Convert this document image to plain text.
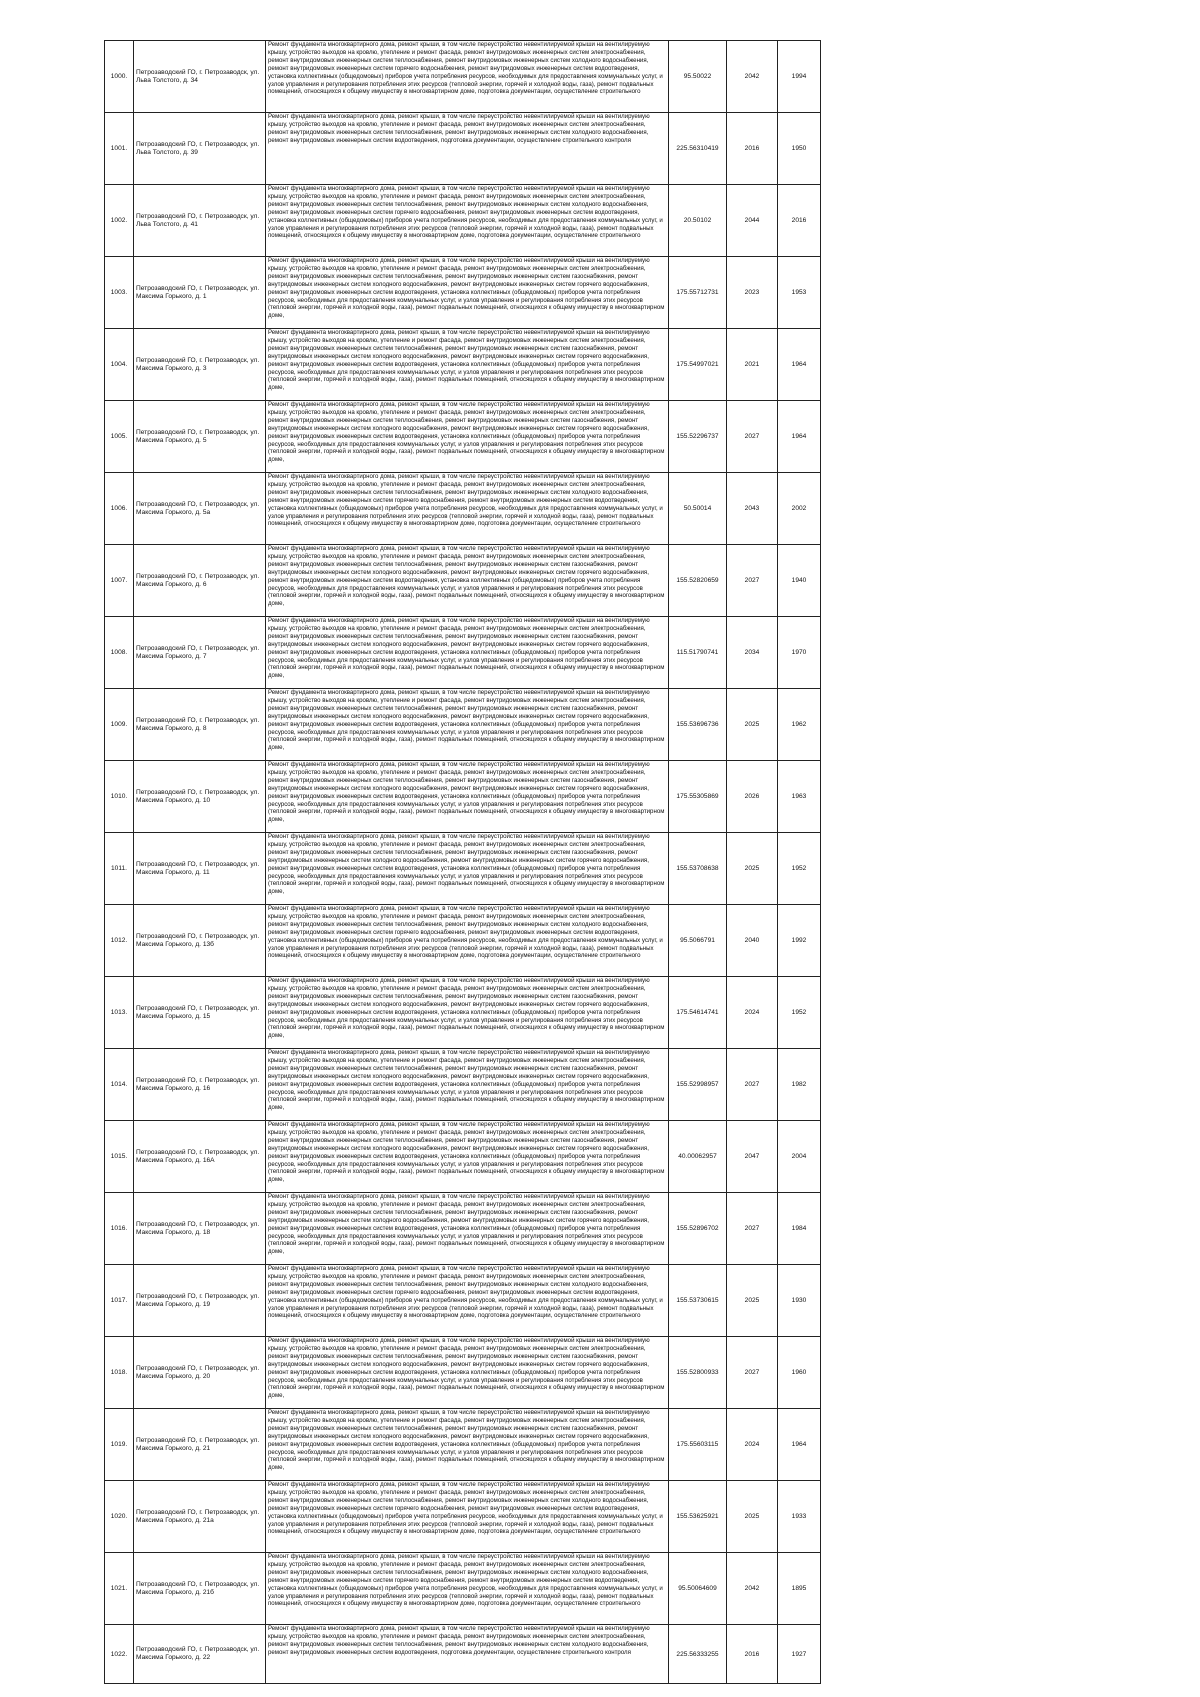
1000.	Петрозаводский ГО, г. Петрозаводск, ул. Льва Толстого, д. 34	Ремонт фундамента многоквартирного дома, ремонт крыши, в том числе переустройство невентилируемой крыши на вентилируемую крышу, устройство выходов на кровлю, утепление и ремонт фасада, ремонт внутридомовых инженерных систем электроснабжения, ремонт внутридомовых инженерных систем теплоснабжения, ремонт внутридомовых инженерных систем холодного водоснабжения, ремонт внутридомовых инженерных систем горячего водоснабжения, ремонт внутридомовых инженерных систем водоотведения, установка коллективных (общедомовых) приборов учета потребления ресурсов, необходимых для предоставления коммунальных услуг, и узлов управления и регулирования потребления этих ресурсов (тепловой энергии, горячей и холодной воды, газа), ремонт подвальных помещений, относящихся к общему имуществу в многоквартирном доме, подготовка документации, осуществление строительного	95.50022	2042	1994
1001.	Петрозаводский ГО, г. Петрозаводск, ул. Льва Толстого, д. 39	Ремонт фундамента многоквартирного дома, ремонт крыши, в том числе переустройство невентилируемой крыши на вентилируемую крышу, устройство выходов на кровлю, утепление и ремонт фасада, ремонт внутридомовых инженерных систем электроснабжения, ремонт внутридомовых инженерных систем теплоснабжения, ремонт внутридомовых инженерных систем холодного водоснабжения, ремонт внутридомовых инженерных систем водоотведения, подготовка документации, осуществление строительного контроля	225.56310419	2016	1950
1002.	Петрозаводский ГО, г. Петрозаводск, ул. Льва Толстого, д. 41	Ремонт фундамента многоквартирного дома, ремонт крыши, в том числе переустройство невентилируемой крыши на вентилируемую крышу, устройство выходов на кровлю, утепление и ремонт фасада, ремонт внутридомовых инженерных систем электроснабжения, ремонт внутридомовых инженерных систем теплоснабжения, ремонт внутридомовых инженерных систем холодного водоснабжения, ремонт внутридомовых инженерных систем горячего водоснабжения, ремонт внутридомовых инженерных систем водоотведения, установка коллективных (общедомовых) приборов учета потребления ресурсов, необходимых для предоставления коммунальных услуг, и узлов управления и регулирования потребления этих ресурсов (тепловой энергии, горячей и холодной воды, газа), ремонт подвальных помещений, относящихся к общему имуществу в многоквартирном доме, подготовка документации, осуществление строительного	20.50102	2044	2016
1003.	Петрозаводский ГО, г. Петрозаводск, ул. Максима Горького, д. 1	Ремонт фундамента многоквартирного дома, ремонт крыши, в том числе переустройство невентилируемой крыши на вентилируемую крышу, устройство выходов на кровлю, утепление и ремонт фасада, ремонт внутридомовых инженерных систем электроснабжения, ремонт внутридомовых инженерных систем теплоснабжения, ремонт внутридомовых инженерных систем газоснабжения, ремонт внутридомовых инженерных систем холодного водоснабжения, ремонт внутридомовых инженерных систем горячего водоснабжения, ремонт внутридомовых инженерных систем водоотведения, установка коллективных (общедомовых) приборов учета потребления ресурсов, необходимых для предоставления коммунальных услуг, и узлов управления и регулирования потребления этих ресурсов (тепловой энергии, горячей и холодной воды, газа), ремонт подвальных помещений, относящихся к общему имуществу в многоквартирном доме,	175.55712731	2023	1953
1004.	Петрозаводский ГО, г. Петрозаводск, ул. Максима Горького, д. 3	Ремонт фундамента многоквартирного дома, ремонт крыши, в том числе переустройство невентилируемой крыши на вентилируемую крышу, устройство выходов на кровлю, утепление и ремонт фасада, ремонт внутридомовых инженерных систем электроснабжения, ремонт внутридомовых инженерных систем теплоснабжения, ремонт внутридомовых инженерных систем газоснабжения, ремонт внутридомовых инженерных систем холодного водоснабжения, ремонт внутридомовых инженерных систем горячего водоснабжения, ремонт внутридомовых инженерных систем водоотведения, установка коллективных (общедомовых) приборов учета потребления ресурсов, необходимых для предоставления коммунальных услуг, и узлов управления и регулирования потребления этих ресурсов (тепловой энергии, горячей и холодной воды, газа), ремонт подвальных помещений, относящихся к общему имуществу в многоквартирном доме,	175.54997021	2021	1964
1005.	Петрозаводский ГО, г. Петрозаводск, ул. Максима Горького, д. 5	Ремонт фундамента многоквартирного дома, ремонт крыши, в том числе переустройство невентилируемой крыши на вентилируемую крышу, устройство выходов на кровлю, утепление и ремонт фасада, ремонт внутридомовых инженерных систем электроснабжения, ремонт внутридомовых инженерных систем теплоснабжения, ремонт внутридомовых инженерных систем газоснабжения, ремонт внутридомовых инженерных систем холодного водоснабжения, ремонт внутридомовых инженерных систем горячего водоснабжения, ремонт внутридомовых инженерных систем водоотведения, установка коллективных (общедомовых) приборов учета потребления ресурсов, необходимых для предоставления коммунальных услуг, и узлов управления и регулирования потребления этих ресурсов (тепловой энергии, горячей и холодной воды, газа), ремонт подвальных помещений, относящихся к общему имуществу в многоквартирном доме,	155.52296737	2027	1964
1006.	Петрозаводский ГО, г. Петрозаводск, ул. Максима Горького, д. 5а	Ремонт фундамента многоквартирного дома, ремонт крыши, в том числе переустройство невентилируемой крыши на вентилируемую крышу, устройство выходов на кровлю, утепление и ремонт фасада, ремонт внутридомовых инженерных систем электроснабжения, ремонт внутридомовых инженерных систем теплоснабжения, ремонт внутридомовых инженерных систем холодного водоснабжения, ремонт внутридомовых инженерных систем горячего водоснабжения, ремонт внутридомовых инженерных систем водоотведения, установка коллективных (общедомовых) приборов учета потребления ресурсов, необходимых для предоставления коммунальных услуг, и узлов управления и регулирования потребления этих ресурсов (тепловой энергии, горячей и холодной воды, газа), ремонт подвальных помещений, относящихся к общему имуществу в многоквартирном доме, подготовка документации, осуществление строительного	50.50014	2043	2002
1007.	Петрозаводский ГО, г. Петрозаводск, ул. Максима Горького, д. 6	Ремонт фундамента многоквартирного дома, ремонт крыши, в том числе переустройство невентилируемой крыши на вентилируемую крышу, устройство выходов на кровлю, утепление и ремонт фасада, ремонт внутридомовых инженерных систем электроснабжения, ремонт внутридомовых инженерных систем теплоснабжения, ремонт внутридомовых инженерных систем газоснабжения, ремонт внутридомовых инженерных систем холодного водоснабжения, ремонт внутридомовых инженерных систем горячего водоснабжения, ремонт внутридомовых инженерных систем водоотведения, установка коллективных (общедомовых) приборов учета потребления ресурсов, необходимых для предоставления коммунальных услуг, и узлов управления и регулирования потребления этих ресурсов (тепловой энергии, горячей и холодной воды, газа), ремонт подвальных помещений, относящихся к общему имуществу в многоквартирном доме,	155.52820659	2027	1940
1008.	Петрозаводский ГО, г. Петрозаводск, ул. Максима Горького, д. 7	Ремонт фундамента многоквартирного дома, ремонт крыши, в том числе переустройство невентилируемой крыши на вентилируемую крышу, устройство выходов на кровлю, утепление и ремонт фасада, ремонт внутридомовых инженерных систем электроснабжения, ремонт внутридомовых инженерных систем теплоснабжения, ремонт внутридомовых инженерных систем газоснабжения, ремонт внутридомовых инженерных систем холодного водоснабжения, ремонт внутридомовых инженерных систем горячего водоснабжения, ремонт внутридомовых инженерных систем водоотведения, установка коллективных (общедомовых) приборов учета потребления ресурсов, необходимых для предоставления коммунальных услуг, и узлов управления и регулирования потребления этих ресурсов (тепловой энергии, горячей и холодной воды, газа), ремонт подвальных помещений, относящихся к общему имуществу в многоквартирном доме,	115.51790741	2034	1970
1009.	Петрозаводский ГО, г. Петрозаводск, ул. Максима Горького, д. 8	Ремонт фундамента многоквартирного дома, ремонт крыши, в том числе переустройство невентилируемой крыши на вентилируемую крышу, устройство выходов на кровлю, утепление и ремонт фасада, ремонт внутридомовых инженерных систем электроснабжения, ремонт внутридомовых инженерных систем теплоснабжения, ремонт внутридомовых инженерных систем газоснабжения, ремонт внутридомовых инженерных систем холодного водоснабжения, ремонт внутридомовых инженерных систем горячего водоснабжения, ремонт внутридомовых инженерных систем водоотведения, установка коллективных (общедомовых) приборов учета потребления ресурсов, необходимых для предоставления коммунальных услуг, и узлов управления и регулирования потребления этих ресурсов (тепловой энергии, горячей и холодной воды, газа), ремонт подвальных помещений, относящихся к общему имуществу в многоквартирном доме,	155.53696736	2025	1962
1010.	Петрозаводский ГО, г. Петрозаводск, ул. Максима Горького, д. 10	Ремонт фундамента многоквартирного дома, ремонт крыши, в том числе переустройство невентилируемой крыши на вентилируемую крышу, устройство выходов на кровлю, утепление и ремонт фасада, ремонт внутридомовых инженерных систем электроснабжения, ремонт внутридомовых инженерных систем теплоснабжения, ремонт внутридомовых инженерных систем газоснабжения, ремонт внутридомовых инженерных систем холодного водоснабжения, ремонт внутридомовых инженерных систем горячего водоснабжения, ремонт внутридомовых инженерных систем водоотведения, установка коллективных (общедомовых) приборов учета потребления ресурсов, необходимых для предоставления коммунальных услуг, и узлов управления и регулирования потребления этих ресурсов (тепловой энергии, горячей и холодной воды, газа), ремонт подвальных помещений, относящихся к общему имуществу в многоквартирном доме,	175.55305869	2026	1963
1011.	Петрозаводский ГО, г. Петрозаводск, ул. Максима Горького, д. 11	Ремонт фундамента многоквартирного дома, ремонт крыши, в том числе переустройство невентилируемой крыши на вентилируемую крышу, устройство выходов на кровлю, утепление и ремонт фасада, ремонт внутридомовых инженерных систем электроснабжения, ремонт внутридомовых инженерных систем теплоснабжения, ремонт внутридомовых инженерных систем газоснабжения, ремонт внутридомовых инженерных систем холодного водоснабжения, ремонт внутридомовых инженерных систем горячего водоснабжения, ремонт внутридомовых инженерных систем водоотведения, установка коллективных (общедомовых) приборов учета потребления ресурсов, необходимых для предоставления коммунальных услуг, и узлов управления и регулирования потребления этих ресурсов (тепловой энергии, горячей и холодной воды, газа), ремонт подвальных помещений, относящихся к общему имуществу в многоквартирном доме,	155.53708638	2025	1952
1012.	Петрозаводский ГО, г. Петрозаводск, ул. Максима Горького, д. 13б	Ремонт фундамента многоквартирного дома, ремонт крыши, в том числе переустройство невентилируемой крыши на вентилируемую крышу, устройство выходов на кровлю, утепление и ремонт фасада, ремонт внутридомовых инженерных систем электроснабжения, ремонт внутридомовых инженерных систем теплоснабжения, ремонт внутридомовых инженерных систем холодного водоснабжения, ремонт внутридомовых инженерных систем горячего водоснабжения, ремонт внутридомовых инженерных систем водоотведения, установка коллективных (общедомовых) приборов учета потребления ресурсов, необходимых для предоставления коммунальных услуг, и узлов управления и регулирования потребления этих ресурсов (тепловой энергии, горячей и холодной воды, газа), ремонт подвальных помещений, относящихся к общему имуществу в многоквартирном доме, подготовка документации, осуществление строительного	95.5066791	2040	1992
1013.	Петрозаводский ГО, г. Петрозаводск, ул. Максима Горького, д. 15	Ремонт фундамента многоквартирного дома, ремонт крыши, в том числе переустройство невентилируемой крыши на вентилируемую крышу, устройство выходов на кровлю, утепление и ремонт фасада, ремонт внутридомовых инженерных систем электроснабжения, ремонт внутридомовых инженерных систем теплоснабжения, ремонт внутридомовых инженерных систем газоснабжения, ремонт внутридомовых инженерных систем холодного водоснабжения, ремонт внутридомовых инженерных систем горячего водоснабжения, ремонт внутридомовых инженерных систем водоотведения, установка коллективных (общедомовых) приборов учета потребления ресурсов, необходимых для предоставления коммунальных услуг, и узлов управления и регулирования потребления этих ресурсов (тепловой энергии, горячей и холодной воды, газа), ремонт подвальных помещений, относящихся к общему имуществу в многоквартирном доме,	175.54614741	2024	1952
1014.	Петрозаводский ГО, г. Петрозаводск, ул. Максима Горького, д. 16	Ремонт фундамента многоквартирного дома, ремонт крыши, в том числе переустройство невентилируемой крыши на вентилируемую крышу, устройство выходов на кровлю, утепление и ремонт фасада, ремонт внутридомовых инженерных систем электроснабжения, ремонт внутридомовых инженерных систем теплоснабжения, ремонт внутридомовых инженерных систем газоснабжения, ремонт внутридомовых инженерных систем холодного водоснабжения, ремонт внутридомовых инженерных систем горячего водоснабжения, ремонт внутридомовых инженерных систем водоотведения, установка коллективных (общедомовых) приборов учета потребления ресурсов, необходимых для предоставления коммунальных услуг, и узлов управления и регулирования потребления этих ресурсов (тепловой энергии, горячей и холодной воды, газа), ремонт подвальных помещений, относящихся к общему имуществу в многоквартирном доме,	155.52998957	2027	1982
1015.	Петрозаводский ГО, г. Петрозаводск, ул. Максима Горького, д. 16А	Ремонт фундамента многоквартирного дома, ремонт крыши, в том числе переустройство невентилируемой крыши на вентилируемую крышу, устройство выходов на кровлю, утепление и ремонт фасада, ремонт внутридомовых инженерных систем электроснабжения, ремонт внутридомовых инженерных систем теплоснабжения, ремонт внутридомовых инженерных систем газоснабжения, ремонт внутридомовых инженерных систем холодного водоснабжения, ремонт внутридомовых инженерных систем горячего водоснабжения, ремонт внутридомовых инженерных систем водоотведения, установка коллективных (общедомовых) приборов учета потребления ресурсов, необходимых для предоставления коммунальных услуг, и узлов управления и регулирования потребления этих ресурсов (тепловой энергии, горячей и холодной воды, газа), ремонт подвальных помещений, относящихся к общему имуществу в многоквартирном доме,	40.00062957	2047	2004
1016.	Петрозаводский ГО, г. Петрозаводск, ул. Максима Горького, д. 18	Ремонт фундамента многоквартирного дома, ремонт крыши, в том числе переустройство невентилируемой крыши на вентилируемую крышу, устройство выходов на кровлю, утепление и ремонт фасада, ремонт внутридомовых инженерных систем электроснабжения, ремонт внутридомовых инженерных систем теплоснабжения, ремонт внутридомовых инженерных систем газоснабжения, ремонт внутридомовых инженерных систем холодного водоснабжения, ремонт внутридомовых инженерных систем горячего водоснабжения, ремонт внутридомовых инженерных систем водоотведения, установка коллективных (общедомовых) приборов учета потребления ресурсов, необходимых для предоставления коммунальных услуг, и узлов управления и регулирования потребления этих ресурсов (тепловой энергии, горячей и холодной воды, газа), ремонт подвальных помещений, относящихся к общему имуществу в многоквартирном доме,	155.52896702	2027	1984
1017.	Петрозаводский ГО, г. Петрозаводск, ул. Максима Горького, д. 19	Ремонт фундамента многоквартирного дома, ремонт крыши, в том числе переустройство невентилируемой крыши на вентилируемую крышу, устройство выходов на кровлю, утепление и ремонт фасада, ремонт внутридомовых инженерных систем электроснабжения, ремонт внутридомовых инженерных систем теплоснабжения, ремонт внутридомовых инженерных систем холодного водоснабжения, ремонт внутридомовых инженерных систем горячего водоснабжения, ремонт внутридомовых инженерных систем водоотведения, установка коллективных (общедомовых) приборов учета потребления ресурсов, необходимых для предоставления коммунальных услуг, и узлов управления и регулирования потребления этих ресурсов (тепловой энергии, горячей и холодной воды, газа), ремонт подвальных помещений, относящихся к общему имуществу в многоквартирном доме, подготовка документации, осуществление строительного	155.53730615	2025	1930
1018.	Петрозаводский ГО, г. Петрозаводск, ул. Максима Горького, д. 20	Ремонт фундамента многоквартирного дома, ремонт крыши, в том числе переустройство невентилируемой крыши на вентилируемую крышу, устройство выходов на кровлю, утепление и ремонт фасада, ремонт внутридомовых инженерных систем электроснабжения, ремонт внутридомовых инженерных систем теплоснабжения, ремонт внутридомовых инженерных систем газоснабжения, ремонт внутридомовых инженерных систем холодного водоснабжения, ремонт внутридомовых инженерных систем горячего водоснабжения, ремонт внутридомовых инженерных систем водоотведения, установка коллективных (общедомовых) приборов учета потребления ресурсов, необходимых для предоставления коммунальных услуг, и узлов управления и регулирования потребления этих ресурсов (тепловой энергии, горячей и холодной воды, газа), ремонт подвальных помещений, относящихся к общему имуществу в многоквартирном доме,	155.52800933	2027	1960
1019.	Петрозаводский ГО, г. Петрозаводск, ул. Максима Горького, д. 21	Ремонт фундамента многоквартирного дома, ремонт крыши, в том числе переустройство невентилируемой крыши на вентилируемую крышу, устройство выходов на кровлю, утепление и ремонт фасада, ремонт внутридомовых инженерных систем электроснабжения, ремонт внутридомовых инженерных систем теплоснабжения, ремонт внутридомовых инженерных систем газоснабжения, ремонт внутридомовых инженерных систем холодного водоснабжения, ремонт внутридомовых инженерных систем горячего водоснабжения, ремонт внутридомовых инженерных систем водоотведения, установка коллективных (общедомовых) приборов учета потребления ресурсов, необходимых для предоставления коммунальных услуг, и узлов управления и регулирования потребления этих ресурсов (тепловой энергии, горячей и холодной воды, газа), ремонт подвальных помещений, относящихся к общему имуществу в многоквартирном доме,	175.55603115	2024	1964
1020.	Петрозаводский ГО, г. Петрозаводск, ул. Максима Горького, д. 21а	Ремонт фундамента многоквартирного дома, ремонт крыши, в том числе переустройство невентилируемой крыши на вентилируемую крышу, устройство выходов на кровлю, утепление и ремонт фасада, ремонт внутридомовых инженерных систем электроснабжения, ремонт внутридомовых инженерных систем теплоснабжения, ремонт внутридомовых инженерных систем холодного водоснабжения, ремонт внутридомовых инженерных систем горячего водоснабжения, ремонт внутридомовых инженерных систем водоотведения, установка коллективных (общедомовых) приборов учета потребления ресурсов, необходимых для предоставления коммунальных услуг, и узлов управления и регулирования потребления этих ресурсов (тепловой энергии, горячей и холодной воды, газа), ремонт подвальных помещений, относящихся к общему имуществу в многоквартирном доме, подготовка документации, осуществление строительного	155.53625921	2025	1933
1021.	Петрозаводский ГО, г. Петрозаводск, ул. Максима Горького, д. 21б	Ремонт фундамента многоквартирного дома, ремонт крыши, в том числе переустройство невентилируемой крыши на вентилируемую крышу, устройство выходов на кровлю, утепление и ремонт фасада, ремонт внутридомовых инженерных систем электроснабжения, ремонт внутридомовых инженерных систем теплоснабжения, ремонт внутридомовых инженерных систем холодного водоснабжения, ремонт внутридомовых инженерных систем горячего водоснабжения, ремонт внутридомовых инженерных систем водоотведения, установка коллективных (общедомовых) приборов учета потребления ресурсов, необходимых для предоставления коммунальных услуг, и узлов управления и регулирования потребления этих ресурсов (тепловой энергии, горячей и холодной воды, газа), ремонт подвальных помещений, относящихся к общему имуществу в многоквартирном доме, подготовка документации, осуществление строительного	95.50064609	2042	1895
1022.	Петрозаводский ГО, г. Петрозаводск, ул. Максима Горького, д. 22	Ремонт фундамента многоквартирного дома, ремонт крыши, в том числе переустройство невентилируемой крыши на вентилируемую крышу, устройство выходов на кровлю, утепление и ремонт фасада, ремонт внутридомовых инженерных систем электроснабжения, ремонт внутридомовых инженерных систем теплоснабжения, ремонт внутридомовых инженерных систем холодного водоснабжения, ремонт внутридомовых инженерных систем водоотведения, подготовка документации, осуществление строительного контроля	225.56333255	2016	1927
